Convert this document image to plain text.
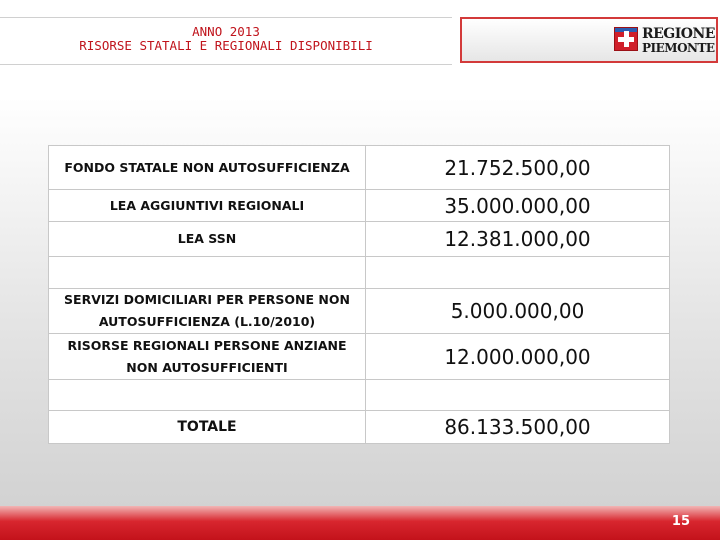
ANNO 2013
RISORSE STATALI E REGIONALI DISPONIBILI
REGIONE
PIEMONTE
FONDO STATALE NON AUTOSUFFICIENZA	21.752.500,00
LEA AGGIUNTIVI REGIONALI	35.000.000,00
LEA SSN	12.381.000,00
SERVIZI DOMICILIARI PER PERSONE NON AUTOSUFFICIENZA (L.10/2010)	5.000.000,00
RISORSE REGIONALI PERSONE ANZIANE NON AUTOSUFFICIENTI	12.000.000,00
TOTALE	86.133.500,00
15
